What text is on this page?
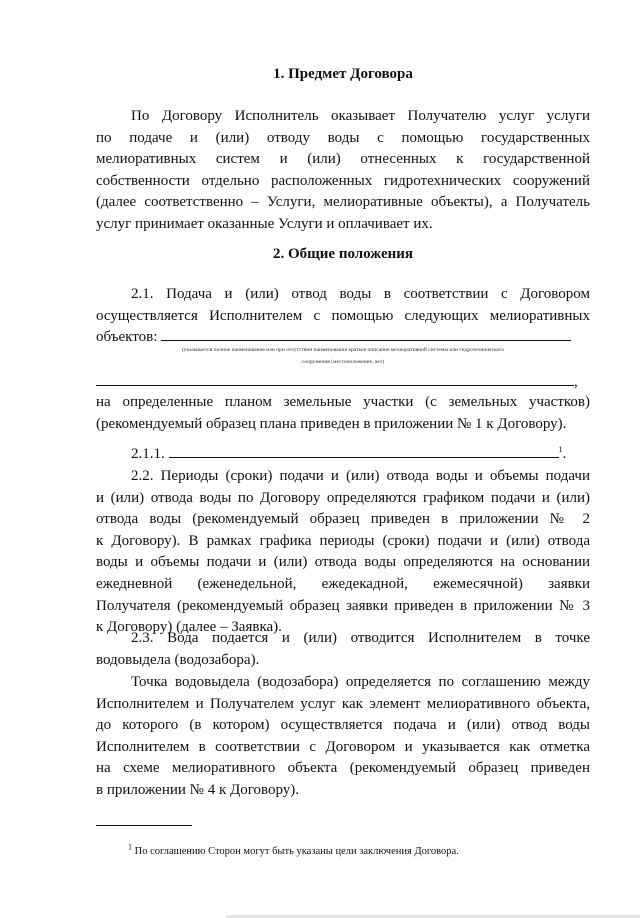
1. Предмет Договора
По Договору Исполнитель оказывает Получателю услуг услуги
по подаче и (или) отводу воды с помощью государственных
мелиоративных систем и (или) отнесенных к государственной
собственности отдельно расположенных гидротехнических сооружений
(далее соответственно – Услуги, мелиоративные объекты), а Получатель
услуг принимает оказанные Услуги и оплачивает их.
2. Общие положения
2.1. Подача и (или) отвод воды в соответствии с Договором
осуществляется Исполнителем с помощью следующих мелиоративных
объектов:
(указывается полное наименование или при отсутствии наименования краткое описание мелиоративной системы или гидротехнического
сооружения (местоположение, акт)
,
на определенные планом земельные участки (с земельных участков)
(рекомендуемый образец плана приведен в приложении № 1 к Договору).
2.1.1.	$^1$.
2.2. Периоды (сроки) подачи и (или) отвода воды и объемы подачи
и (или) отвода воды по Договору определяются графиком подачи и (или)
отвода воды (рекомендуемый образец приведен в приложении № 2
к Договору). В рамках графика периоды (сроки) подачи и (или) отвода
воды и объемы подачи и (или) отвода воды определяются на основании
ежедневной (еженедельной, ежедекадной, ежемесячной) заявки
Получателя (рекомендуемый образец заявки приведен в приложении № 3
к Договору) (далее – Заявка).
2.3. Вода подается и (или) отводится Исполнителем в точке
водовыдела (водозабора).
Точка водовыдела (водозабора) определяется по соглашению между
Исполнителем и Получателем услуг как элемент мелиоративного объекта,
до которого (в котором) осуществляется подача и (или) отвод воды
Исполнителем в соответствии с Договором и указывается как отметка
на схеме мелиоративного объекта (рекомендуемый образец приведен
в приложении № 4 к Договору).
$^1$ По соглашению Сторон могут быть указаны цели заключения Договора.
